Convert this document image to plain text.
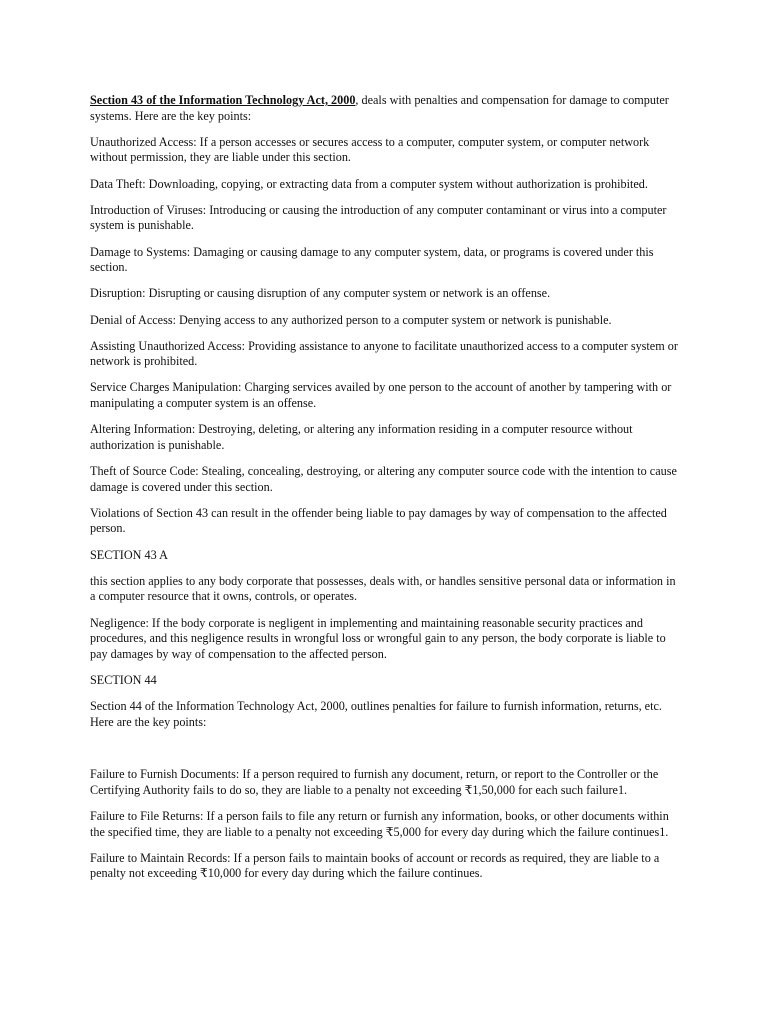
Section 43 of the Information Technology Act, 2000, deals with penalties and compensation for damage to computer systems. Here are the key points:

Unauthorized Access: If a person accesses or secures access to a computer, computer system, or computer network without permission, they are liable under this section.

Data Theft: Downloading, copying, or extracting data from a computer system without authorization is prohibited.

Introduction of Viruses: Introducing or causing the introduction of any computer contaminant or virus into a computer system is punishable.

Damage to Systems: Damaging or causing damage to any computer system, data, or programs is covered under this section.

Disruption: Disrupting or causing disruption of any computer system or network is an offense.

Denial of Access: Denying access to any authorized person to a computer system or network is punishable.

Assisting Unauthorized Access: Providing assistance to anyone to facilitate unauthorized access to a computer system or network is prohibited.

Service Charges Manipulation: Charging services availed by one person to the account of another by tampering with or manipulating a computer system is an offense.

Altering Information: Destroying, deleting, or altering any information residing in a computer resource without authorization is punishable.

Theft of Source Code: Stealing, concealing, destroying, or altering any computer source code with the intention to cause damage is covered under this section.

Violations of Section 43 can result in the offender being liable to pay damages by way of compensation to the affected person.

SECTION 43 A

this section applies to any body corporate that possesses, deals with, or handles sensitive personal data or information in a computer resource that it owns, controls, or operates.

Negligence: If the body corporate is negligent in implementing and maintaining reasonable security practices and procedures, and this negligence results in wrongful loss or wrongful gain to any person, the body corporate is liable to pay damages by way of compensation to the affected person.

SECTION 44

Section 44 of the Information Technology Act, 2000, outlines penalties for failure to furnish information, returns, etc. Here are the key points:

Failure to Furnish Documents: If a person required to furnish any document, return, or report to the Controller or the Certifying Authority fails to do so, they are liable to a penalty not exceeding ₹1,50,000 for each such failure1.

Failure to File Returns: If a person fails to file any return or furnish any information, books, or other documents within the specified time, they are liable to a penalty not exceeding ₹5,000 for every day during which the failure continues1.

Failure to Maintain Records: If a person fails to maintain books of account or records as required, they are liable to a penalty not exceeding ₹10,000 for every day during which the failure continues.
